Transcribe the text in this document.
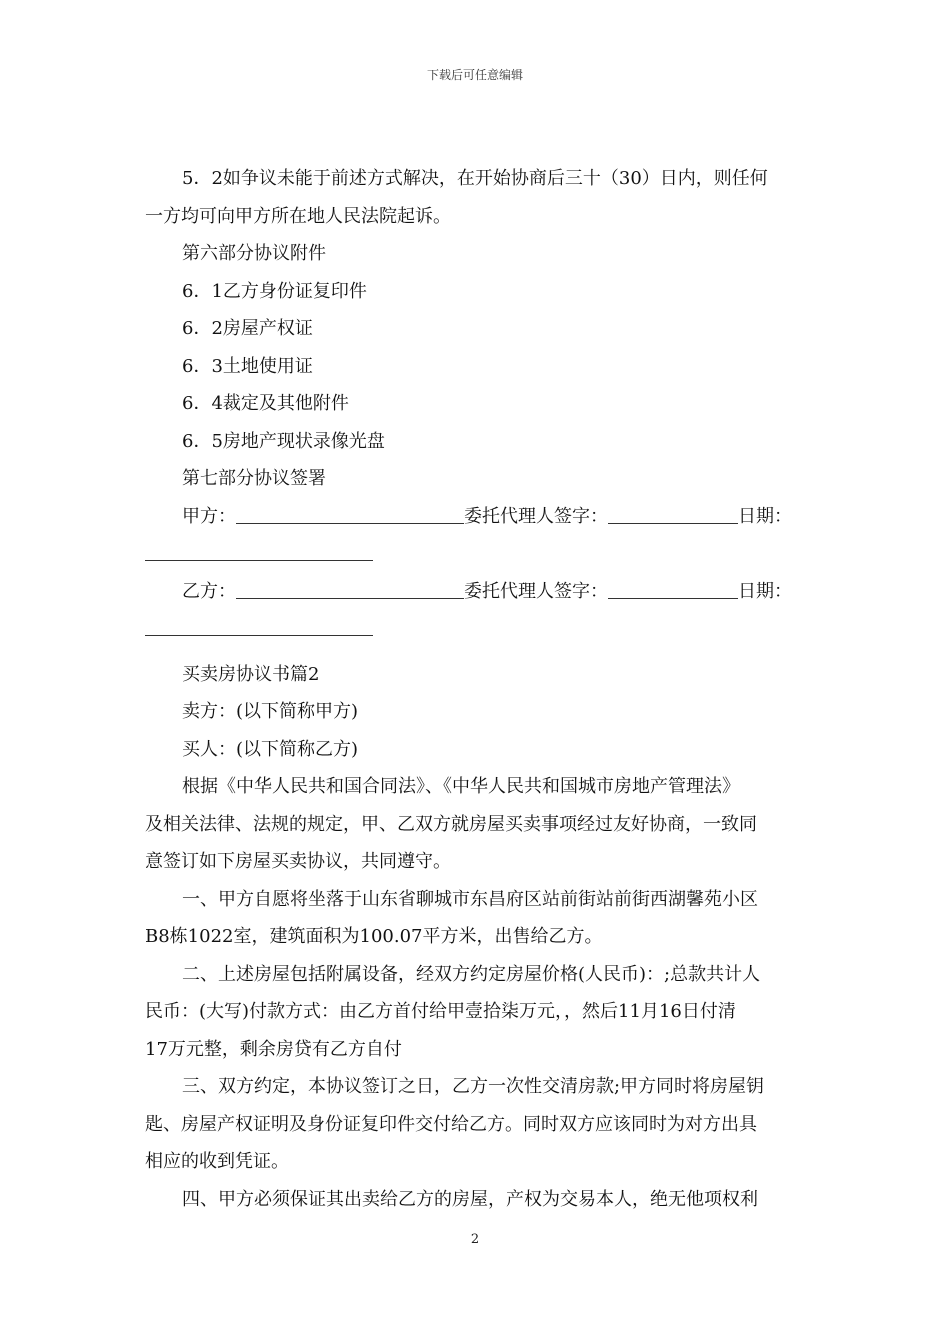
下载后可任意编辑
5．2如争议未能于前述方式解决，在开始协商后三十（30）日内，则任何
一方均可向甲方所在地人民法院起诉。
第六部分协议附件
6．1乙方身份证复印件
6．2房屋产权证
6．3土地使用证
6．4裁定及其他附件
6．5房地产现状录像光盘
第七部分协议签署
甲方：	委托代理人签字：	日期：
乙方：	委托代理人签字：	日期：
买卖房协议书篇2
卖方：(以下简称甲方)
买人：(以下简称乙方)
根据《中华人民共和国合同法》、《中华人民共和国城市房地产管理法》
及相关法律、法规的规定，甲、乙双方就房屋买卖事项经过友好协商，一致同
意签订如下房屋买卖协议，共同遵守。
一、甲方自愿将坐落于山东省聊城市东昌府区站前街站前街西湖馨苑小区
B8栋1022室，建筑面积为100.07平方米，出售给乙方。
二、上述房屋包括附属设备，经双方约定房屋价格(人民币)：;总款共计人
民币：(大写)付款方式：由乙方首付给甲壹拾柒万元，，然后11月16日付清
17万元整，剩余房贷有乙方自付
三、双方约定，本协议签订之日，乙方一次性交清房款;甲方同时将房屋钥
匙、房屋产权证明及身份证复印件交付给乙方。同时双方应该同时为对方出具
相应的收到凭证。
四、甲方必须保证其出卖给乙方的房屋，产权为交易本人，绝无他项权利
2
